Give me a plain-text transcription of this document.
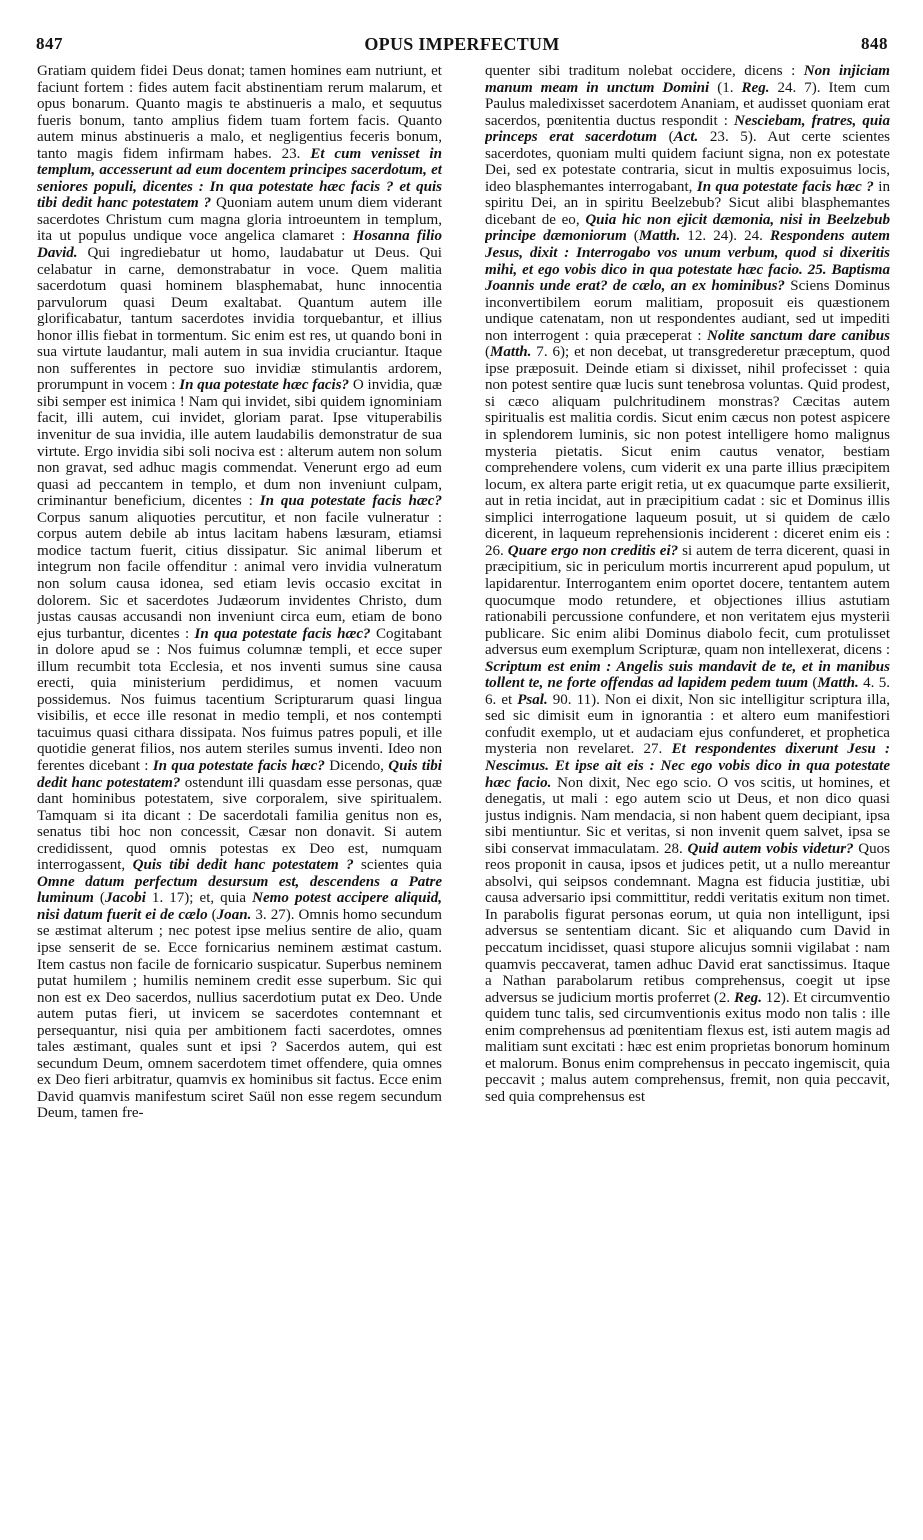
847	OPUS IMPERFECTUM	848

Gratiam quidem fidei Deus donat; tamen homines eam nutriunt, et faciunt fortem : fides autem facit abstinentiam rerum malarum, et opus bonarum. Quanto magis te abstinueris a malo, et sequutus fueris bonum, tanto amplius fidem tuam fortem facis. Quanto autem minus abstinueris a malo, et negligentius feceris bonum, tanto magis fidem infirmam habes. 23. Et cum venisset in templum, accesserunt ad eum docentem principes sacerdotum, et seniores populi, dicentes : In qua potestate hæc facis ? et quis tibi dedit hanc potestatem ? Quoniam autem unum diem viderant sacerdotes Christum cum magna gloria introeuntem in templum, ita ut populus undique voce angelica clamaret : Hosanna filio David. Qui ingrediebatur ut homo, laudabatur ut Deus. Qui celabatur in carne, demonstrabatur in voce. Quem malitia sacerdotum quasi hominem blasphemabat, hunc innocentia parvulorum quasi Deum exaltabat. Quantum autem ille glorificabatur, tantum sacerdotes invidia torquebantur, et illius honor illis fiebat in tormentum. Sic enim est res, ut quando boni in sua virtute laudantur, mali autem in sua invidia cruciantur. Itaque non sufferentes in pectore suo invidiæ stimulantis ardorem, prorumpunt in vocem : In qua potestate hæc facis? O invidia, quæ sibi semper est inimica ! Nam qui invidet, sibi quidem ignominiam facit, illi autem, cui invidet, gloriam parat. Ipse vituperabilis invenitur de sua invidia, ille autem laudabilis demonstratur de sua virtute. Ergo invidia sibi soli nociva est : alterum autem non solum non gravat, sed adhuc magis commendat. Venerunt ergo ad eum quasi ad peccantem in templo, et dum non inveniunt culpam, criminantur beneficium, dicentes : In qua potestate facis hæc? Corpus sanum aliquoties percutitur, et non facile vulneratur : corpus autem debile ab intus lacitam habens læsuram, etiamsi modice tactum fuerit, citius dissipatur. Sic animal liberum et integrum non facile offenditur : animal vero invidia vulneratum non solum causa idonea, sed etiam levis occasio excitat in dolorem. Sic et sacerdotes Judæorum invidentes Christo, dum justas causas accusandi non inveniunt circa eum, etiam de bono ejus turbantur, dicentes : In qua potestate facis hæc? Cogitabant in dolore apud se : Nos fuimus columnæ templi, et ecce super illum recumbit tota Ecclesia, et nos inventi sumus sine causa erecti, quia ministerium perdidimus, et nomen vacuum possidemus. Nos fuimus tacentium Scripturarum quasi lingua visibilis, et ecce ille resonat in medio templi, et nos contempti tacuimus quasi cithara dissipata. Nos fuimus patres populi, et ille quotidie generat filios, nos autem steriles sumus inventi. Ideo non ferentes dicebant : In qua potestate facis hæc? Dicendo, Quis tibi dedit hanc potestatem? ostendunt illi quasdam esse personas, quæ dant hominibus potestatem, sive corporalem, sive spiritualem. Tamquam si ita dicant : De sacerdotali familia genitus non es, senatus tibi hoc non concessit, Cæsar non donavit. Si autem credidissent, quod omnis potestas ex Deo est, numquam interrogassent, Quis tibi dedit hanc potestatem ? scientes quia Omne datum perfectum desursum est, descendens a Patre luminum (Jacobi 1. 17); et, quia Nemo potest accipere aliquid, nisi datum fuerit ei de cælo (Joan. 3. 27). Omnis homo secundum se æstimat alterum ; nec potest ipse melius sentire de alio, quam ipse senserit de se. Ecce fornicarius neminem æstimat castum. Item castus non facile de fornicario suspicatur. Superbus neminem putat humilem ; humilis neminem credit esse superbum. Sic qui non est ex Deo sacerdos, nullius sacerdotium putat ex Deo. Unde autem putas fieri, ut invicem se sacerdotes contemnant et persequantur, nisi quia per ambitionem facti sacerdotes, omnes tales æstimant, quales sunt et ipsi ? Sacerdos autem, qui est secundum Deum, omnem sacerdotem timet offendere, quia omnes ex Deo fieri arbitratur, quamvis ex hominibus sit factus. Ecce enim David quamvis manifestum sciret Saül non esse regem secundum Deum, tamen fre-

quenter sibi traditum nolebat occidere, dicens : Non injiciam manum meam in unctum Domini (1. Reg. 24. 7). Item cum Paulus maledixisset sacerdotem Ananiam, et audisset quoniam erat sacerdos, pœnitentia ductus respondit : Nesciebam, fratres, quia princeps erat sacerdotum (Act. 23. 5). Aut certe scientes sacerdotes, quoniam multi quidem faciunt signa, non ex potestate Dei, sed ex potestate contraria, sicut in multis exposuimus locis, ideo blasphemantes interrogabant, In qua potestate facis hæc ? in spiritu Dei, an in spiritu Beelzebub? Sicut alibi blasphemantes dicebant de eo, Quia hic non ejicit dæmonia, nisi in Beelzebub principe dæmoniorum (Matth. 12. 24). 24. Respondens autem Jesus, dixit : Interrogabo vos unum verbum, quod si dixeritis mihi, et ego vobis dico in qua potestate hæc facio. 25. Baptisma Joannis unde erat? de cælo, an ex hominibus? Sciens Dominus inconvertibilem eorum malitiam, proposuit eis quæstionem undique catenatam, non ut respondentes audiant, sed ut impediti non interrogent : quia præceperat : Nolite sanctum dare canibus (Matth. 7. 6); et non decebat, ut transgrederetur præceptum, quod ipse præposuit. Deinde etiam si dixisset, nihil profecisset : quia non potest sentire quæ lucis sunt tenebrosa voluntas. Quid prodest, si cæco aliquam pulchritudinem monstras? Cæcitas autem spiritualis est malitia cordis. Sicut enim cæcus non potest aspicere in splendorem luminis, sic non potest intelligere homo malignus mysteria pietatis. Sicut enim cautus venator, bestiam comprehendere volens, cum viderit ex una parte illius præcipitem locum, ex altera parte erigit retia, ut ex quacumque parte exsilierit, aut in retia incidat, aut in præcipitium cadat : sic et Dominus illis simplici interrogatione laqueum posuit, ut si quidem de cælo dicerent, in laqueum reprehensionis inciderent : diceret enim eis : 26. Quare ergo non creditis ei? si autem de terra dicerent, quasi in præcipitium, sic in periculum mortis incurrerent apud populum, ut lapidarentur. Interrogantem enim oportet docere, tentantem autem quocumque modo retundere, et objectiones illius astutiam rationabili percussione confundere, et non veritatem ejus mysterii publicare. Sic enim alibi Dominus diabolo fecit, cum protulisset adversus eum exemplum Scripturæ, quam non intellexerat, dicens : Scriptum est enim : Angelis suis mandavit de te, et in manibus tollent te, ne forte offendas ad lapidem pedem tuum (Matth. 4. 5. 6. et Psal. 90. 11). Non ei dixit, Non sic intelligitur scriptura illa, sed sic dimisit eum in ignorantia : et altero eum manifestiori confudit exemplo, ut et audaciam ejus confunderet, et prophetica mysteria non revelaret. 27. Et respondentes dixerunt Jesu : Nescimus. Et ipse ait eis : Nec ego vobis dico in qua potestate hæc facio. Non dixit, Nec ego scio. O vos scitis, ut homines, et denegatis, ut mali : ego autem scio ut Deus, et non dico quasi justus indignis. Nam mendacia, si non habent quem decipiant, ipsa sibi mentiuntur. Sic et veritas, si non invenit quem salvet, ipsa se sibi conservat immaculatam. 28. Quid autem vobis videtur? Quos reos proponit in causa, ipsos et judices petit, ut a nullo mereantur absolvi, qui seipsos condemnant. Magna est fiducia justitiæ, ubi causa adversario ipsi committitur, reddi veritatis exitum non timet. In parabolis figurat personas eorum, ut quia non intelligunt, ipsi adversus se sententiam dicant. Sic et aliquando cum David in peccatum incidisset, quasi stupore alicujus somnii vigilabat : nam quamvis peccaverat, tamen adhuc David erat sanctissimus. Itaque a Nathan parabolarum retibus comprehensus, coegit ut ipse adversus se judicium mortis proferret (2. Reg. 12). Et circumventio quidem tunc talis, sed circumventionis exitus modo non talis : ille enim comprehensus ad pœnitentiam flexus est, isti autem magis ad malitiam sunt excitati : hæc est enim proprietas bonorum hominum et malorum. Bonus enim comprehensus in peccato ingemiscit, quia peccavit ; malus autem comprehensus, fremit, non quia peccavit, sed quia comprehensus est
